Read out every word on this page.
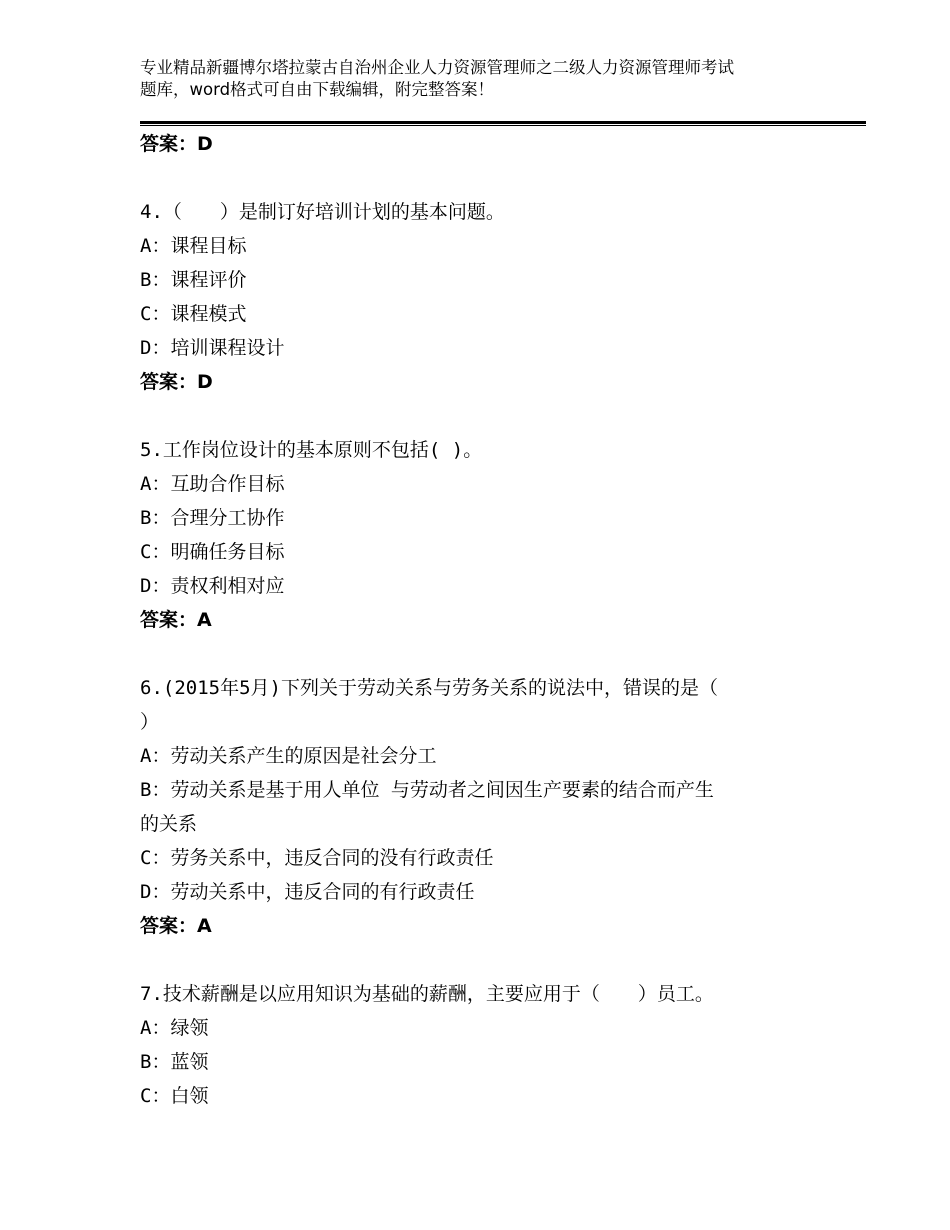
专业精品新疆博尔塔拉蒙古自治州企业人力资源管理师之二级人力资源管理师考试
题库，word格式可自由下载编辑，附完整答案！
答案：D
4.（　　）是制订好培训计划的基本问题。
A：课程目标
B：课程评价
C：课程模式
D：培训课程设计
答案：D
5.工作岗位设计的基本原则不包括( )。
A：互助合作目标
B：合理分工协作
C：明确任务目标
D：责权利相对应
答案：A
6.(2015年5月)下列关于劳动关系与劳务关系的说法中，错误的是（
）
A：劳动关系产生的原因是社会分工
B：劳动关系是基于用人单位 与劳动者之间因生产要素的结合而产生
的关系
C：劳务关系中，违反合同的没有行政责任
D：劳动关系中，违反合同的有行政责任
答案：A
7.技术薪酬是以应用知识为基础的薪酬，主要应用于（　　）员工。
A：绿领
B：蓝领
C：白领
